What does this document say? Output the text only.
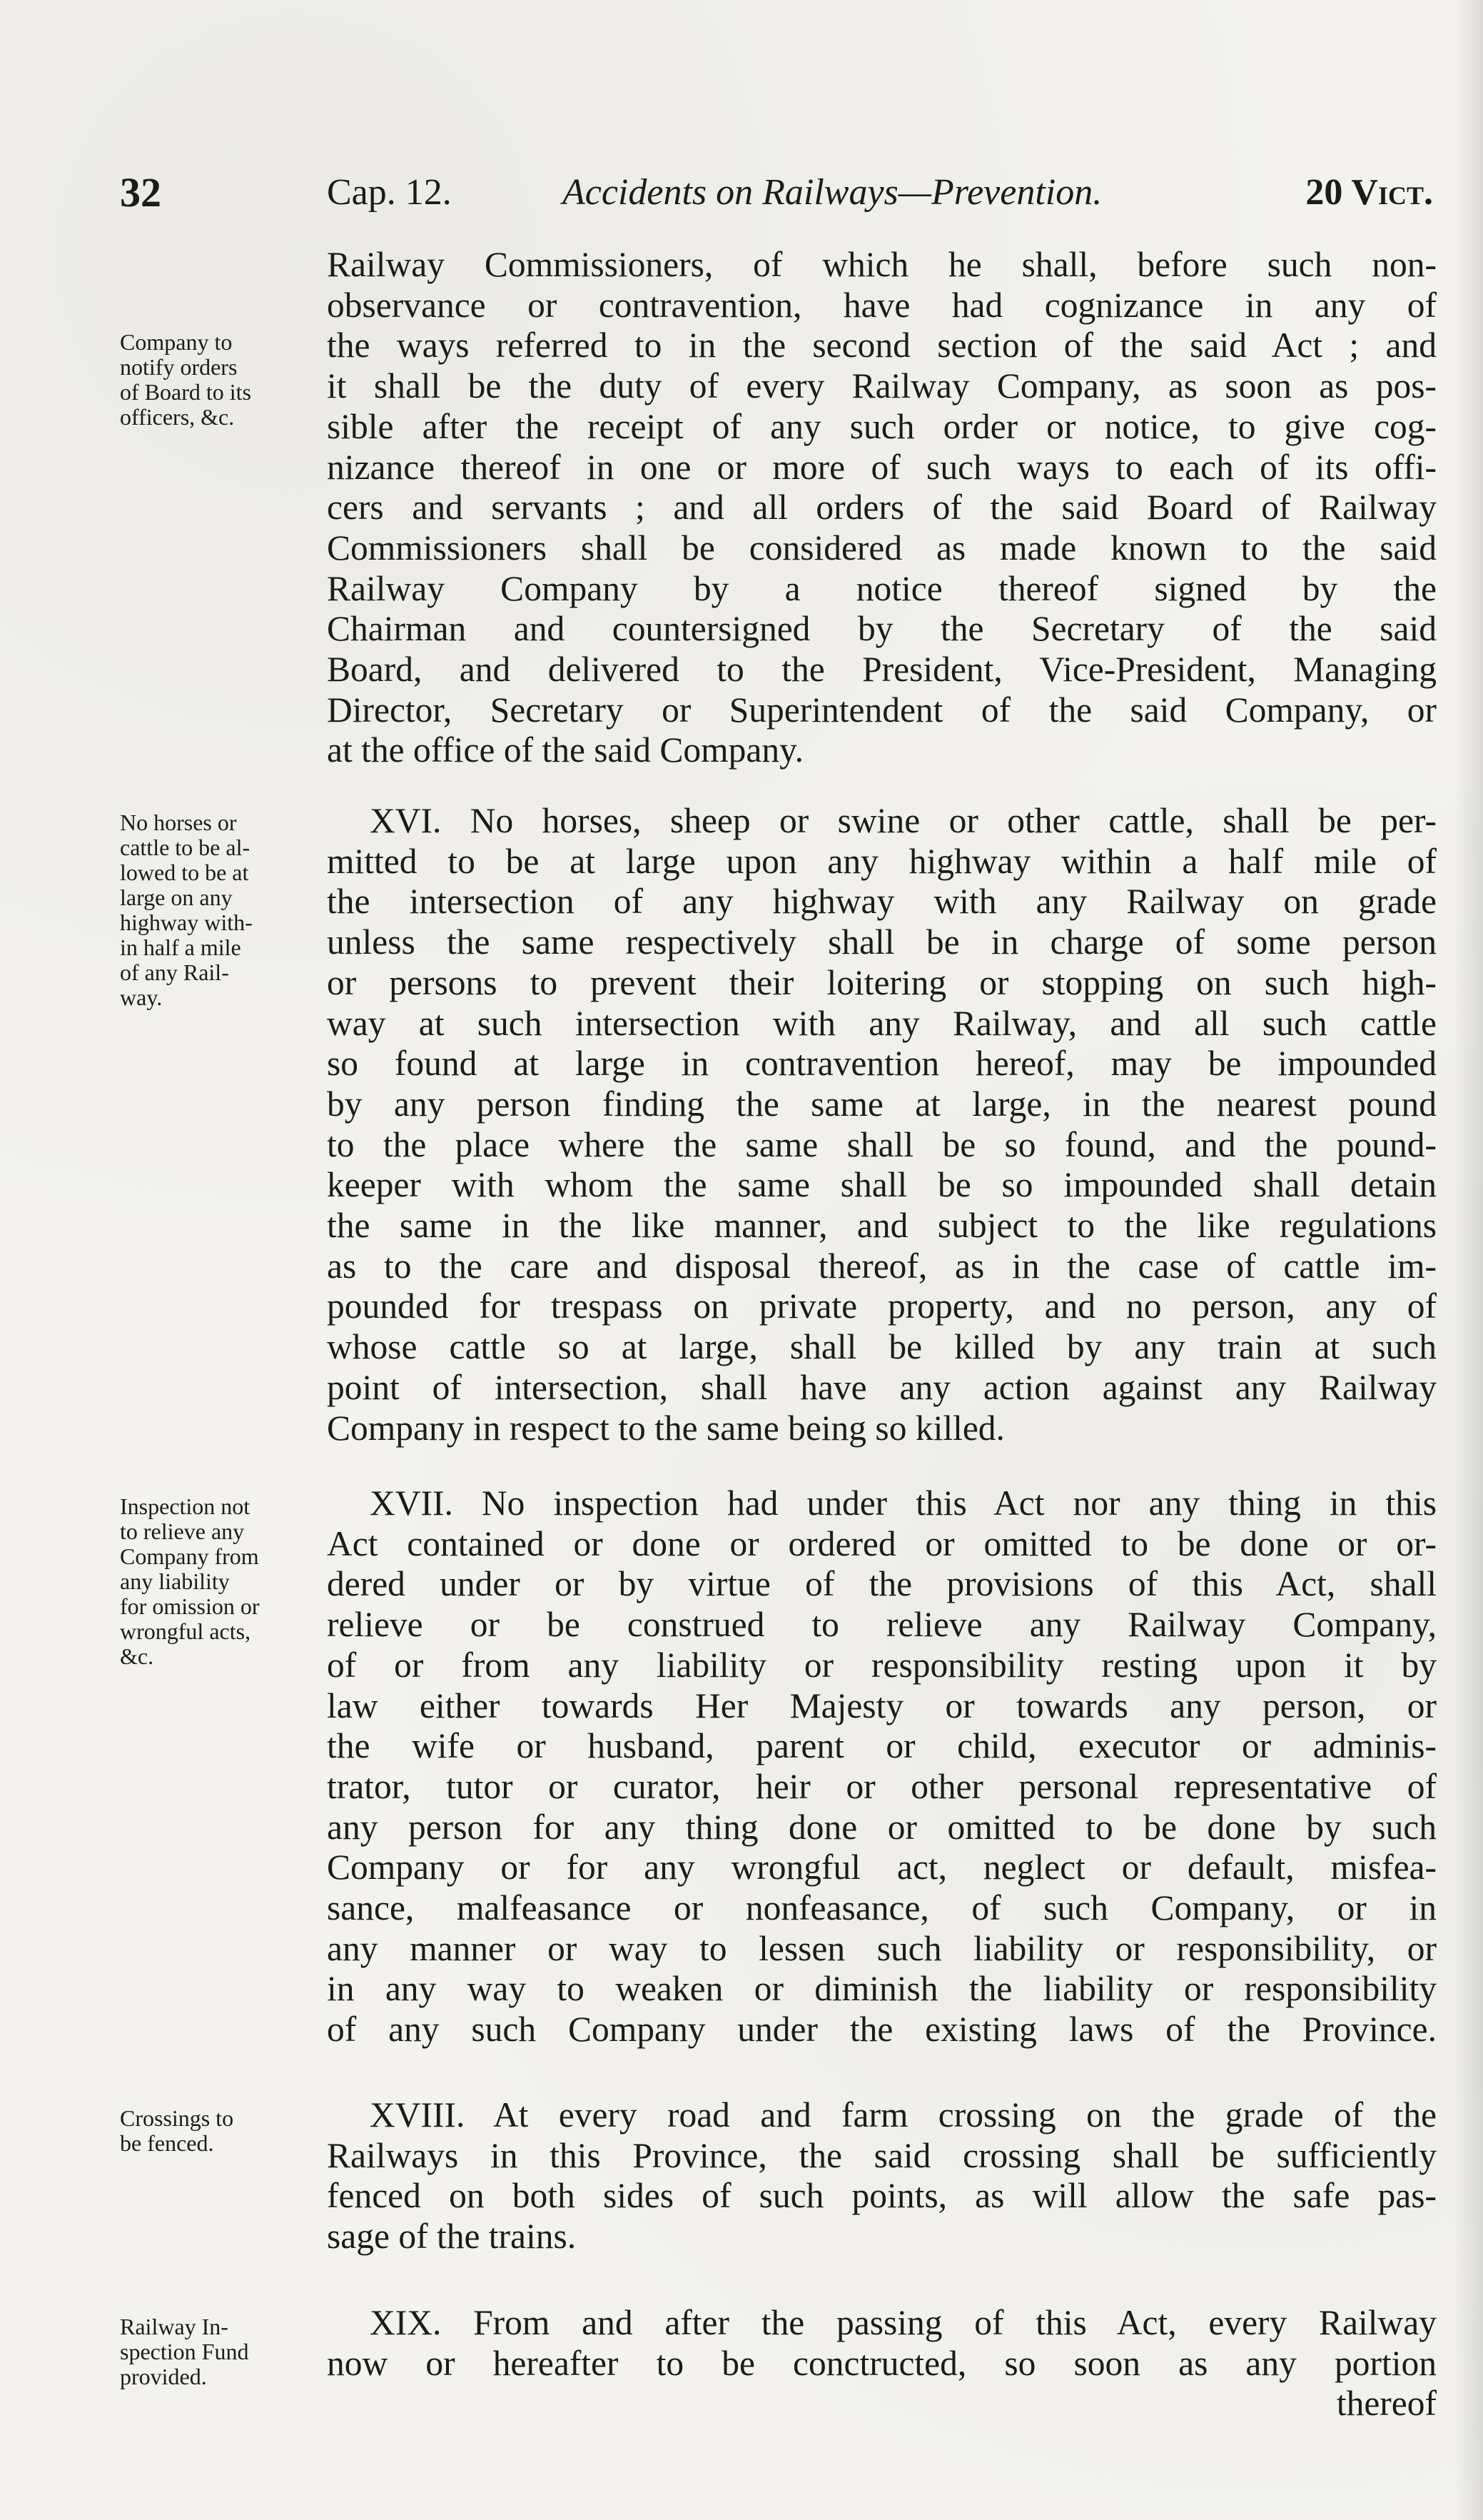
32	Cap. 12.	Accidents on Railways—Prevention.	20 Vict.
Company to
notify orders
of Board to its
officers, &c.
No horses or
cattle to be al-
lowed to be at
large on any
highway with-
in half a mile
of any Rail-
way.
Inspection not
to relieve any
Company from
any liability
for omission or
wrongful acts,
&c.
Crossings to
be fenced.
Railway In-
spection Fund
provided.
Railway Commissioners, of which he shall, before such non-
observance or contravention, have had cognizance in any of
the ways referred to in the second section of the said Act ; and
it shall be the duty of every Railway Company, as soon as pos-
sible after the receipt of any such order or notice, to give cog-
nizance thereof in one or more of such ways to each of its offi-
cers and servants ; and all orders of the said Board of Railway
Commissioners shall be considered as made known to the said
Railway Company by a notice thereof signed by the
Chairman and countersigned by the Secretary of the said
Board, and delivered to the President, Vice-President, Managing
Director, Secretary or Superintendent of the said Company, or
at the office of the said Company.
XVI. No horses, sheep or swine or other cattle, shall be per-
mitted to be at large upon any highway within a half mile of
the intersection of any highway with any Railway on grade
unless the same respectively shall be in charge of some person
or persons to prevent their loitering or stopping on such high-
way at such intersection with any Railway, and all such cattle
so found at large in contravention hereof, may be impounded
by any person finding the same at large, in the nearest pound
to the place where the same shall be so found, and the pound-
keeper with whom the same shall be so impounded shall detain
the same in the like manner, and subject to the like regulations
as to the care and disposal thereof, as in the case of cattle im-
pounded for trespass on private property, and no person, any of
whose cattle so at large, shall be killed by any train at such
point of intersection, shall have any action against any Railway
Company in respect to the same being so killed.
XVII. No inspection had under this Act nor any thing in this
Act contained or done or ordered or omitted to be done or or-
dered under or by virtue of the provisions of this Act, shall
relieve or be construed to relieve any Railway Company,
of or from any liability or responsibility resting upon it by
law either towards Her Majesty or towards any person, or
the wife or husband, parent or child, executor or adminis-
trator, tutor or curator, heir or other personal representative of
any person for any thing done or omitted to be done by such
Company or for any wrongful act, neglect or default, misfea-
sance, malfeasance or nonfeasance, of such Company, or in
any manner or way to lessen such liability or responsibility, or
in any way to weaken or diminish the liability or responsibility
of any such Company under the existing laws of the Province.
XVIII. At every road and farm crossing on the grade of the
Railways in this Province, the said crossing shall be sufficiently
fenced on both sides of such points, as will allow the safe pas-
sage of the trains.
XIX. From and after the passing of this Act, every Railway
now or hereafter to be conctructed, so soon as any portion
thereof
